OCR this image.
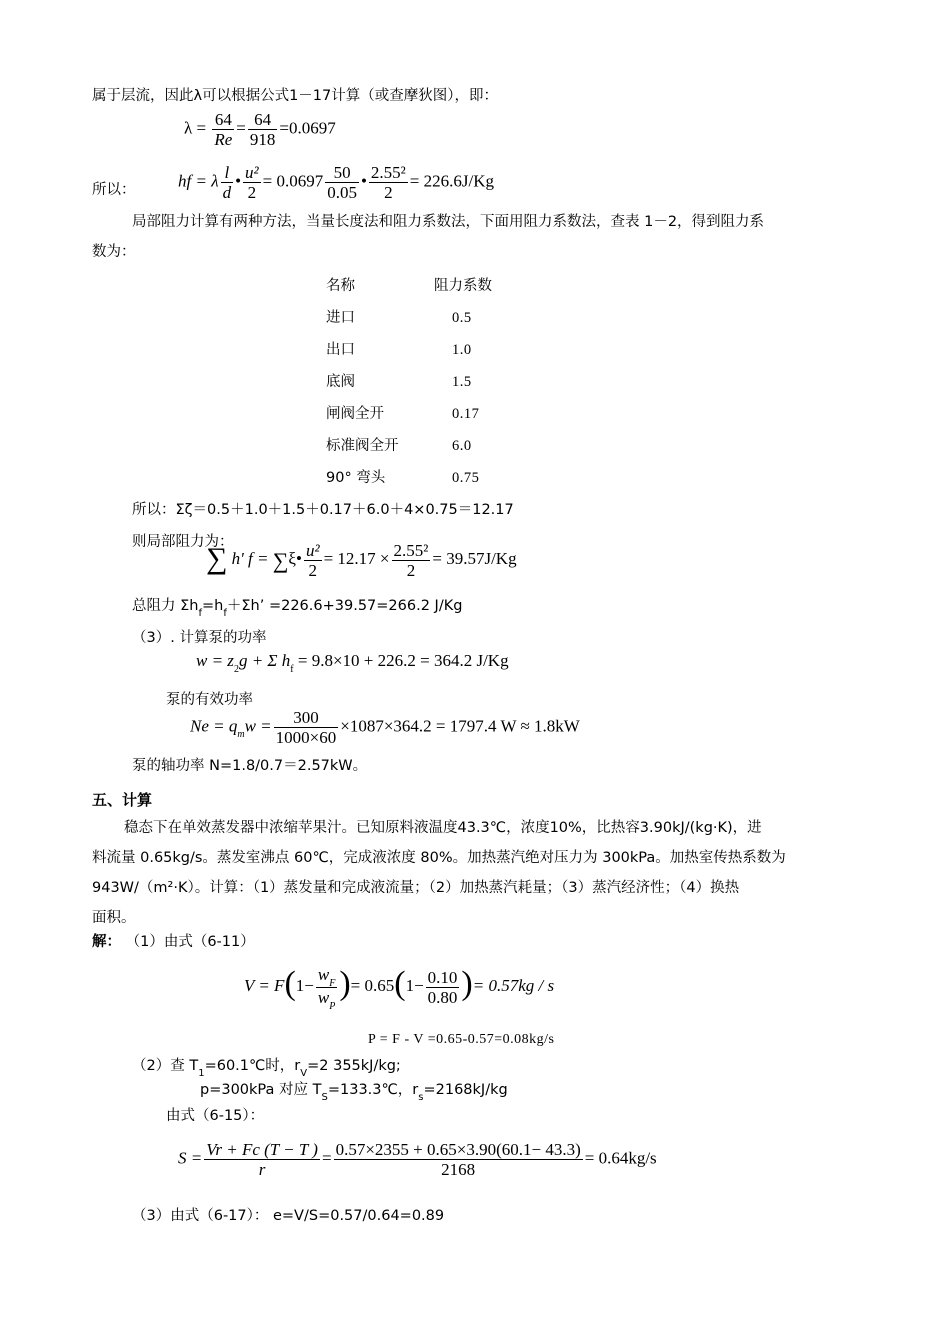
属于层流，因此λ可以根据公式1－17计算（或查摩狄图），即：
$\lambda = \frac{64}{Re} = \frac{64}{918} =0.0697$
所以：	hf = λ $\frac{l}{d}$ • $\frac{\text{u²}}{2} = 0.0697 \frac{50}{0.05}$ • $\frac{\text{2.55²}}{2} = 226.6J/Kg$
局部阻力计算有两种方法，当量长度法和阻力系数法，下面用阻力系数法，查表 1－2，得到阻力系
数为：
名称	阻力系数
进口	0.5
出口	1.0
底阀	1.5
闸阀全开	0.17
标准阀全开	6.0
90° 弯头	0.75
所以：Σζ＝0.5＋1.0＋1.5＋0.17＋6.0＋4×0.75＝12.17
则局部阻力为：
∑ h' f = ∑ξ• $\frac{\text{u²}}{2} = 12.17 \times \frac{\text{2.55²}}{2} = 39.57J/Kg$
总阻力 $\Sigma h_f=h_f+\Sigma h$’ =226.6+39.57=266.2 J/Kg
（3）. 计算泵的功率
$w = z_2g + \Sigma$ $h_f = 9.8\times 10 + 226.2 = 364.2$ J/Kg
泵的有效功率
$Ne = q_mw = \frac{300}{1000\times 60} \times 1087\times 364.2 = 1797.4$ W ≈ 1.8kW
泵的轴功率 N=1.8/0.7＝2.57kW。
五、计算
稳态下在单效蒸发器中浓缩苹果汁。已知原料液温度43.3℃，浓度10%，比热容3.90kJ/(kg·K)，进
料流量 0.65kg/s。蒸发室沸点 60℃，完成液浓度 80%。加热蒸汽绝对压力为 300kPa。加热室传热系数为
943W/（m²·K）。计算：（1）蒸发量和完成液流量；（2）加热蒸汽耗量；（3）蒸汽经济性；（4）换热
面积。
解： （1）由式（6-11）
$V = F(1- \frac{w_F}{w_P}$ )= $0.65(1- \frac{0.10}{0.80}$ )= 0.57kg / s
P = F - V =0.65-0.57=0.08kg/s
（2）查 $T_1=60.1℃$时，$r_V=2$ 355kJ/kg;
p=300kPa 对应 $T_S=133.3℃$，$r_s=2168kJ/kg$
由式（6-15）：
$S = \frac{Vr + Fc (T - T )}{r} = \frac{0.57\times 2355 + 0.65\times 3.90(60.1- 43.3)}{2168} = 0.64kg/s$
（3）由式（6-17）： e=V/S=0.57/0.64=0.89
